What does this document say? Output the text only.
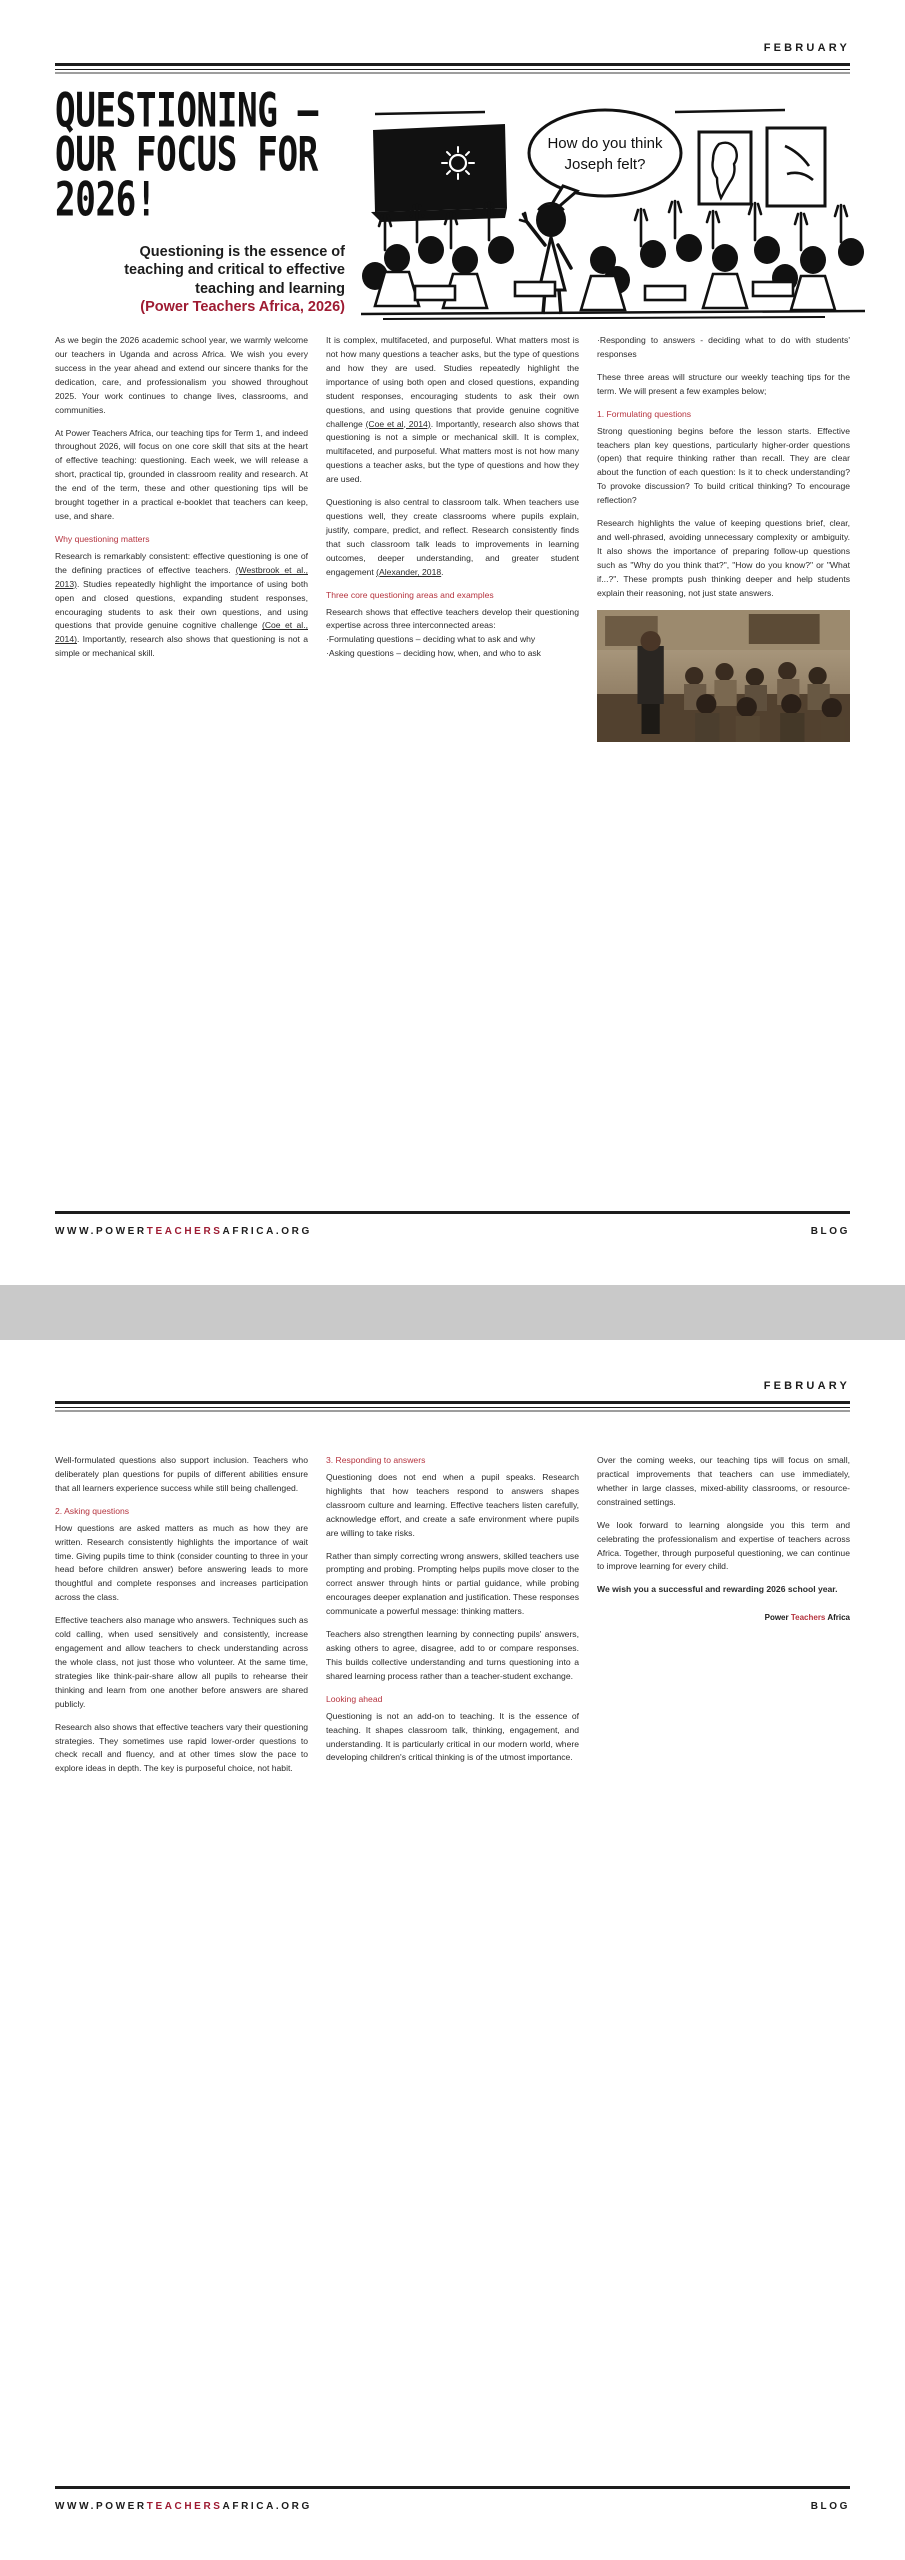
FEBRUARY
QUESTIONING — OUR FOCUS FOR 2026!
Questioning is the essence of teaching and critical to effective teaching and learning
(Power Teachers Africa, 2026)
How do you think
Joseph felt?

As we begin the 2026 academic school year, we warmly welcome our teachers in Uganda and across Africa. We wish you every success in the year ahead and extend our sincere thanks for the dedication, care, and professionalism you showed throughout 2025. Your work continues to change lives, classrooms, and communities.

At Power Teachers Africa, our teaching tips for Term 1, and indeed throughout 2026, will focus on one core skill that sits at the heart of effective teaching: questioning. Each week, we will release a short, practical tip, grounded in classroom reality and research. At the end of the term, these and other questioning tips will be brought together in a practical e-booklet that teachers can keep, use, and share.

Why questioning matters

Research is remarkably consistent: effective questioning is one of the defining practices of effective teachers. (Westbrook et al., 2013). Studies repeatedly highlight the importance of using both open and closed questions, expanding student responses, encouraging students to ask their own questions, and using questions that provide genuine cognitive challenge (Coe et al., 2014). Importantly, research also shows that questioning is not a simple or mechanical skill.

It is complex, multifaceted, and purposeful. What matters most is not how many questions a teacher asks, but the type of questions and how they are used. Studies repeatedly highlight the importance of using both open and closed questions, expanding student responses, encouraging students to ask their own questions, and using questions that provide genuine cognitive challenge (Coe et al, 2014). Importantly, research also shows that questioning is not a simple or mechanical skill. It is complex, multifaceted, and purposeful. What matters most is not how many questions a teacher asks, but the type of questions and how they are used.

Questioning is also central to classroom talk. When teachers use questions well, they create classrooms where pupils explain, justify, compare, predict, and reflect. Research consistently finds that such classroom talk leads to improvements in learning outcomes, deeper understanding, and greater student engagement (Alexander, 2018.

Three core questioning areas and examples

Research shows that effective teachers develop their questioning expertise across three interconnected areas:

·Formulating questions – deciding what to ask and why

·Asking questions – deciding how, when, and who to ask

·Responding to answers - deciding what to do with students' responses

These three areas will structure our weekly teaching tips for the term. We will present a few examples below;

1. Formulating questions

Strong questioning begins before the lesson starts. Effective teachers plan key questions, particularly higher-order questions (open) that require thinking rather than recall. They are clear about the function of each question: Is it to check understanding? To provoke discussion? To build critical thinking? To encourage reflection?

Research highlights the value of keeping questions brief, clear, and well-phrased, avoiding unnecessary complexity or ambiguity. It also shows the importance of preparing follow-up questions such as "Why do you think that?", "How do you know?" or "What if...?". These prompts push thinking deeper and help students explain their reasoning, not just state answers.

WWW.POWERTEACHERSAFRICA.ORG	BLOG
FEBRUARY

Well-formulated questions also support inclusion. Teachers who deliberately plan questions for pupils of different abilities ensure that all learners experience success while still being challenged.

2. Asking questions

How questions are asked matters as much as how they are written. Research consistently highlights the importance of wait time. Giving pupils time to think (consider counting to three in your head before children answer) before answering leads to more thoughtful and complete responses and increases participation across the class.

Effective teachers also manage who answers. Techniques such as cold calling, when used sensitively and consistently, increase engagement and allow teachers to check understanding across the whole class, not just those who volunteer. At the same time, strategies like think-pair-share allow all pupils to rehearse their thinking and learn from one another before answers are shared publicly.

Research also shows that effective teachers vary their questioning strategies. They sometimes use rapid lower-order questions to check recall and fluency, and at other times slow the pace to explore ideas in depth. The key is purposeful choice, not habit.

3. Responding to answers

Questioning does not end when a pupil speaks. Research highlights that how teachers respond to answers shapes classroom culture and learning. Effective teachers listen carefully, acknowledge effort, and create a safe environment where pupils are willing to take risks.

Rather than simply correcting wrong answers, skilled teachers use prompting and probing. Prompting helps pupils move closer to the correct answer through hints or partial guidance, while probing encourages deeper explanation and justification. These responses communicate a powerful message: thinking matters.

Teachers also strengthen learning by connecting pupils' answers, asking others to agree, disagree, add to or compare responses. This builds collective understanding and turns questioning into a shared learning process rather than a teacher-student exchange.

Looking ahead

Questioning is not an add-on to teaching. It is the essence of teaching. It shapes classroom talk, thinking, engagement, and understanding. It is particularly critical in our modern world, where developing children's critical thinking is of the utmost importance.

Over the coming weeks, our teaching tips will focus on small, practical improvements that teachers can use immediately, whether in large classes, mixed-ability classrooms, or resource-constrained settings.

We look forward to learning alongside you this term and celebrating the professionalism and expertise of teachers across Africa. Together, through purposeful questioning, we can continue to improve learning for every child.

We wish you a successful and rewarding 2026 school year.

Power Teachers Africa
WWW.POWERTEACHERSAFRICA.ORG	BLOG
